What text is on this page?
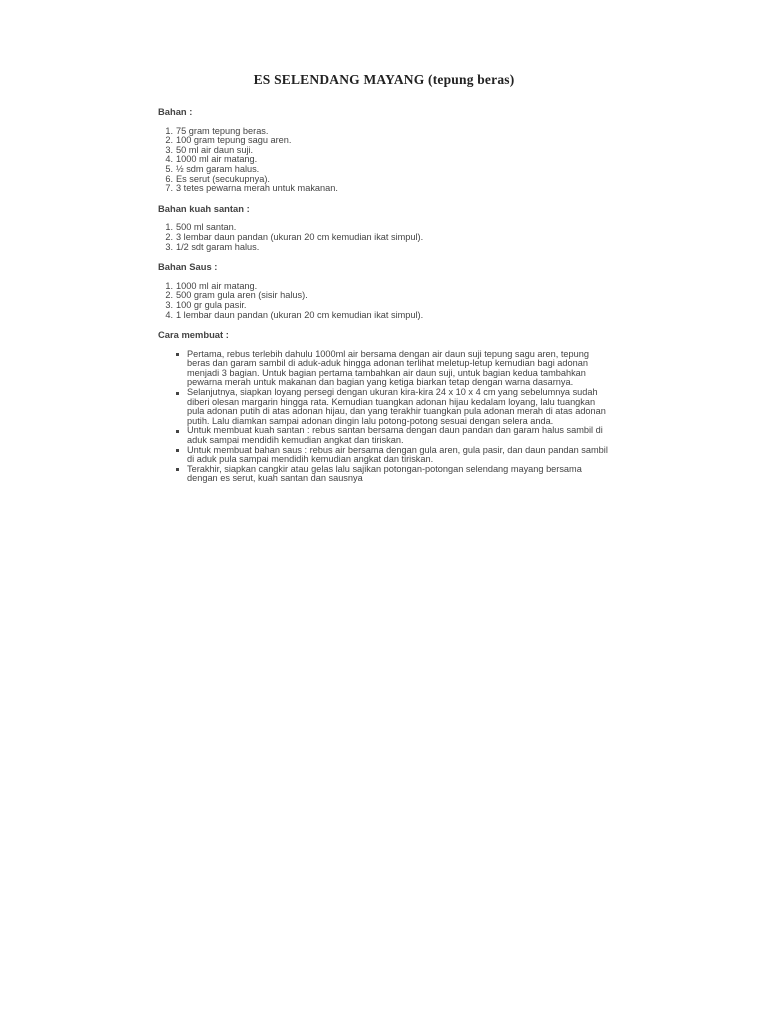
ES SELENDANG MAYANG (tepung beras)
Bahan :
1. 75 gram tepung beras.
2. 100 gram tepung sagu aren.
3. 50 ml air daun suji.
4. 1000 ml air matang.
5. ½ sdm garam halus.
6. Es serut (secukupnya).
7. 3 tetes pewarna merah untuk makanan.
Bahan kuah santan :
1. 500 ml santan.
2. 3 lembar daun pandan (ukuran 20 cm kemudian ikat simpul).
3. 1/2 sdt garam halus.
Bahan Saus :
1. 1000 ml air matang.
2. 500 gram gula aren (sisir halus).
3. 100 gr gula pasir.
4. 1 lembar daun pandan (ukuran 20 cm kemudian ikat simpul).
Cara membuat :
Pertama, rebus terlebih dahulu 1000ml air bersama dengan air daun suji tepung sagu aren, tepung beras dan garam sambil di aduk-aduk hingga adonan terlihat meletup-letup kemudian bagi adonan menjadi 3 bagian. Untuk bagian pertama tambahkan air daun suji, untuk bagian kedua tambahkan pewarna merah untuk makanan dan bagian yang ketiga biarkan tetap dengan warna dasarnya.
Selanjutnya, siapkan loyang persegi dengan ukuran kira-kira 24 x 10 x 4 cm yang sebelumnya sudah diberi olesan margarin hingga rata. Kemudian tuangkan adonan hijau kedalam loyang, lalu tuangkan pula adonan putih di atas adonan hijau, dan yang terakhir tuangkan pula adonan merah di atas adonan putih. Lalu diamkan sampai adonan dingin lalu potong-potong sesuai dengan selera anda.
Untuk membuat kuah santan : rebus santan bersama dengan daun pandan dan garam halus sambil di aduk sampai mendidih kemudian angkat dan tiriskan.
Untuk membuat bahan saus : rebus air bersama dengan gula aren, gula pasir, dan daun pandan sambil di aduk pula sampai mendidih kemudian angkat dan tiriskan.
Terakhir, siapkan cangkir atau gelas lalu sajikan potongan-potongan selendang mayang bersama dengan es serut, kuah santan dan sausnya
